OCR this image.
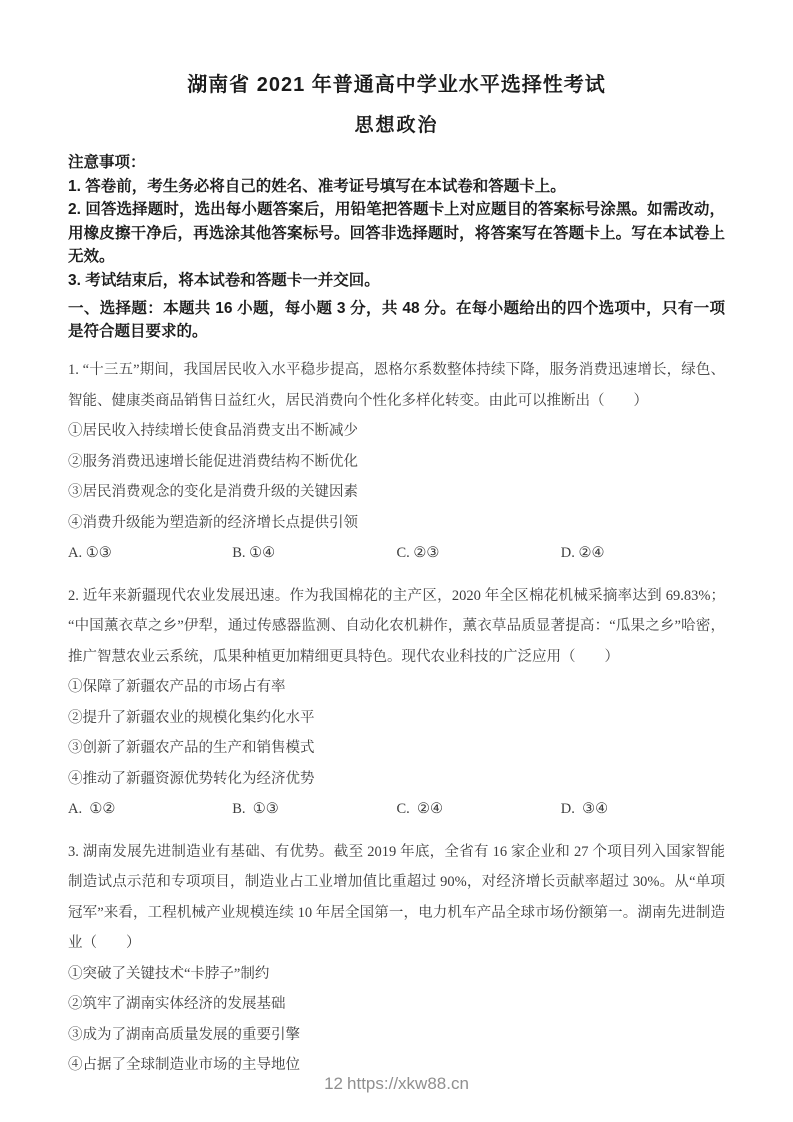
湖南省 2021 年普通高中学业水平选择性考试
思想政治

注意事项：

1. 答卷前，考生务必将自己的姓名、准考证号填写在本试卷和答题卡上。

2. 回答选择题时，选出每小题答案后，用铅笔把答题卡上对应题目的答案标号涂黑。如需改动，用橡皮擦干净后，再选涂其他答案标号。回答非选择题时，将答案写在答题卡上。写在本试卷上无效。

3. 考试结束后，将本试卷和答题卡一并交回。

一、选择题：本题共 16 小题，每小题 3 分，共 48 分。在每小题给出的四个选项中，只有一项是符合题目要求的。

1. “十三五”期间，我国居民收入水平稳步提高，恩格尔系数整体持续下降，服务消费迅速增长，绿色、智能、健康类商品销售日益红火，居民消费向个性化多样化转变。由此可以推断出（　　）

①居民收入持续增长使食品消费支出不断减少

②服务消费迅速增长能促进消费结构不断优化

③居民消费观念的变化是消费升级的关键因素

④消费升级能为塑造新的经济增长点提供引领

A. ①③	B. ①④	C. ②③	D. ②④

2. 近年来新疆现代农业发展迅速。作为我国棉花的主产区，2020 年全区棉花机械采摘率达到 69.83%；“中国薰衣草之乡”伊犁，通过传感器监测、自动化农机耕作，薰衣草品质显著提高：“瓜果之乡”哈密，推广智慧农业云系统，瓜果种植更加精细更具特色。现代农业科技的广泛应用（　　）

①保障了新疆农产品的市场占有率

②提升了新疆农业的规模化集约化水平

③创新了新疆农产品的生产和销售模式

④推动了新疆资源优势转化为经济优势

A.  ①②	B.  ①③	C.  ②④	D.  ③④

3. 湖南发展先进制造业有基础、有优势。截至 2019 年底，全省有 16 家企业和 27 个项目列入国家智能制造试点示范和专项项目，制造业占工业增加值比重超过 90%，对经济增长贡献率超过 30%。从“单项冠军”来看，工程机械产业规模连续 10 年居全国第一，电力机车产品全球市场份额第一。湖南先进制造业（　　）

①突破了关键技术“卡脖子”制约

②筑牢了湖南实体经济的发展基础

③成为了湖南高质量发展的重要引擎

④占据了全球制造业市场的主导地位

12 https://xkw88.cn
